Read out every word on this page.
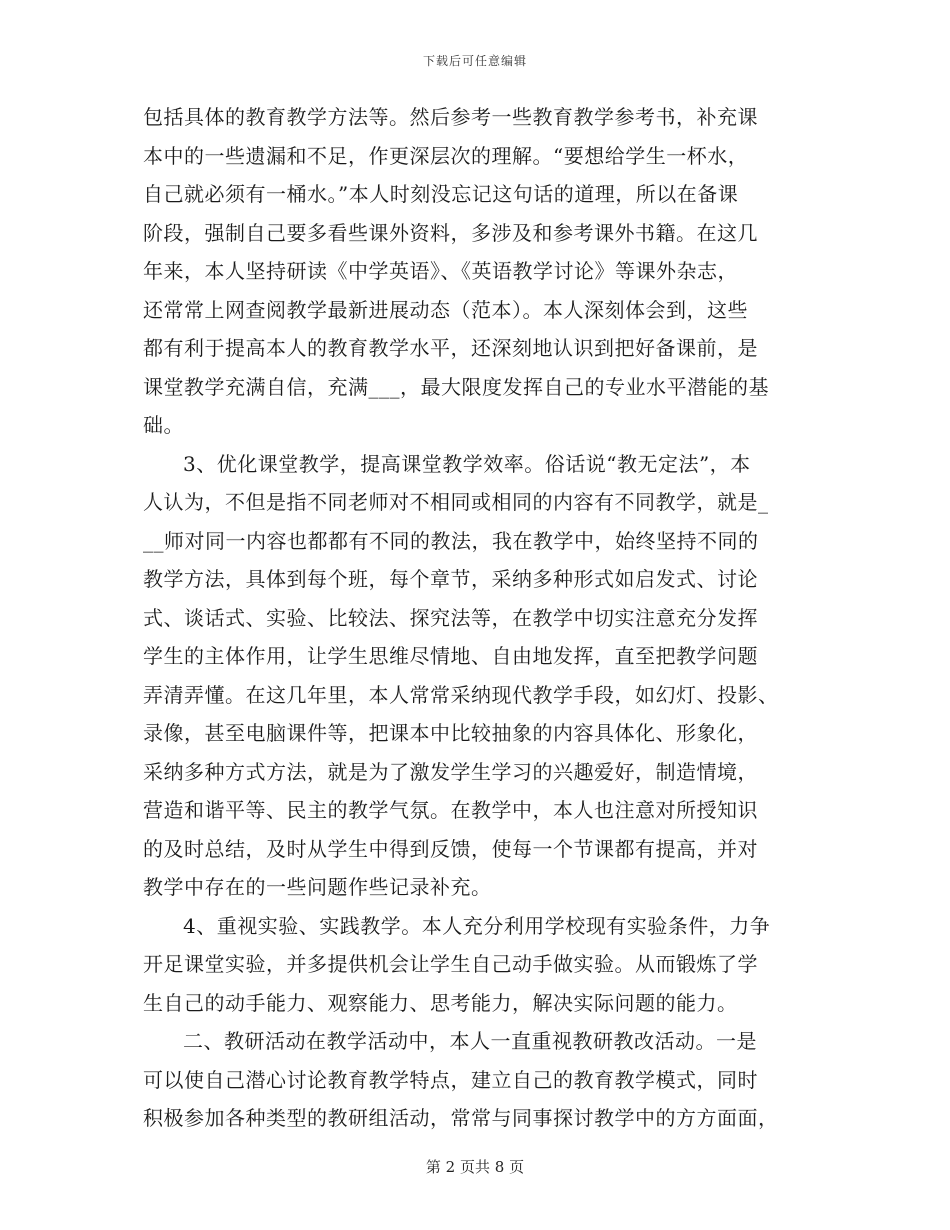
下载后可任意编辑
包括具体的教育教学方法等。然后参考一些教育教学参考书，补充课
本中的一些遗漏和不足，作更深层次的理解。“要想给学生一杯水，
自己就必须有一桶水。”本人时刻没忘记这句话的道理，所以在备课
阶段，强制自己要多看些课外资料，多涉及和参考课外书籍。在这几
年来，本人坚持研读《中学英语》、《英语教学讨论》等课外杂志，
还常常上网查阅教学最新进展动态（范本）。本人深刻体会到，这些
都有利于提高本人的教育教学水平，还深刻地认识到把好备课前，是
课堂教学充满自信，充满___，最大限度发挥自己的专业水平潜能的基
础。
3、优化课堂教学，提高课堂教学效率。俗话说“教无定法”，本
人认为，不但是指不同老师对不相同或相同的内容有不同教学，就是_
__师对同一内容也都都有不同的教法，我在教学中，始终坚持不同的
教学方法，具体到每个班，每个章节，采纳多种形式如启发式、讨论
式、谈话式、实验、比较法、探究法等，在教学中切实注意充分发挥
学生的主体作用，让学生思维尽情地、自由地发挥，直至把教学问题
弄清弄懂。在这几年里，本人常常采纳现代教学手段，如幻灯、投影、
录像，甚至电脑课件等，把课本中比较抽象的内容具体化、形象化，
采纳多种方式方法，就是为了激发学生学习的兴趣爱好，制造情境，
营造和谐平等、民主的教学气氛。在教学中，本人也注意对所授知识
的及时总结，及时从学生中得到反馈，使每一个节课都有提高，并对
教学中存在的一些问题作些记录补充。
4、重视实验、实践教学。本人充分利用学校现有实验条件，力争
开足课堂实验，并多提供机会让学生自己动手做实验。从而锻炼了学
生自己的动手能力、观察能力、思考能力，解决实际问题的能力。
二、教研活动在教学活动中，本人一直重视教研教改活动。一是
可以使自己潜心讨论教育教学特点，建立自己的教育教学模式，同时
积极参加各种类型的教研组活动，常常与同事探讨教学中的方方面面，
第 2 页共 8 页
